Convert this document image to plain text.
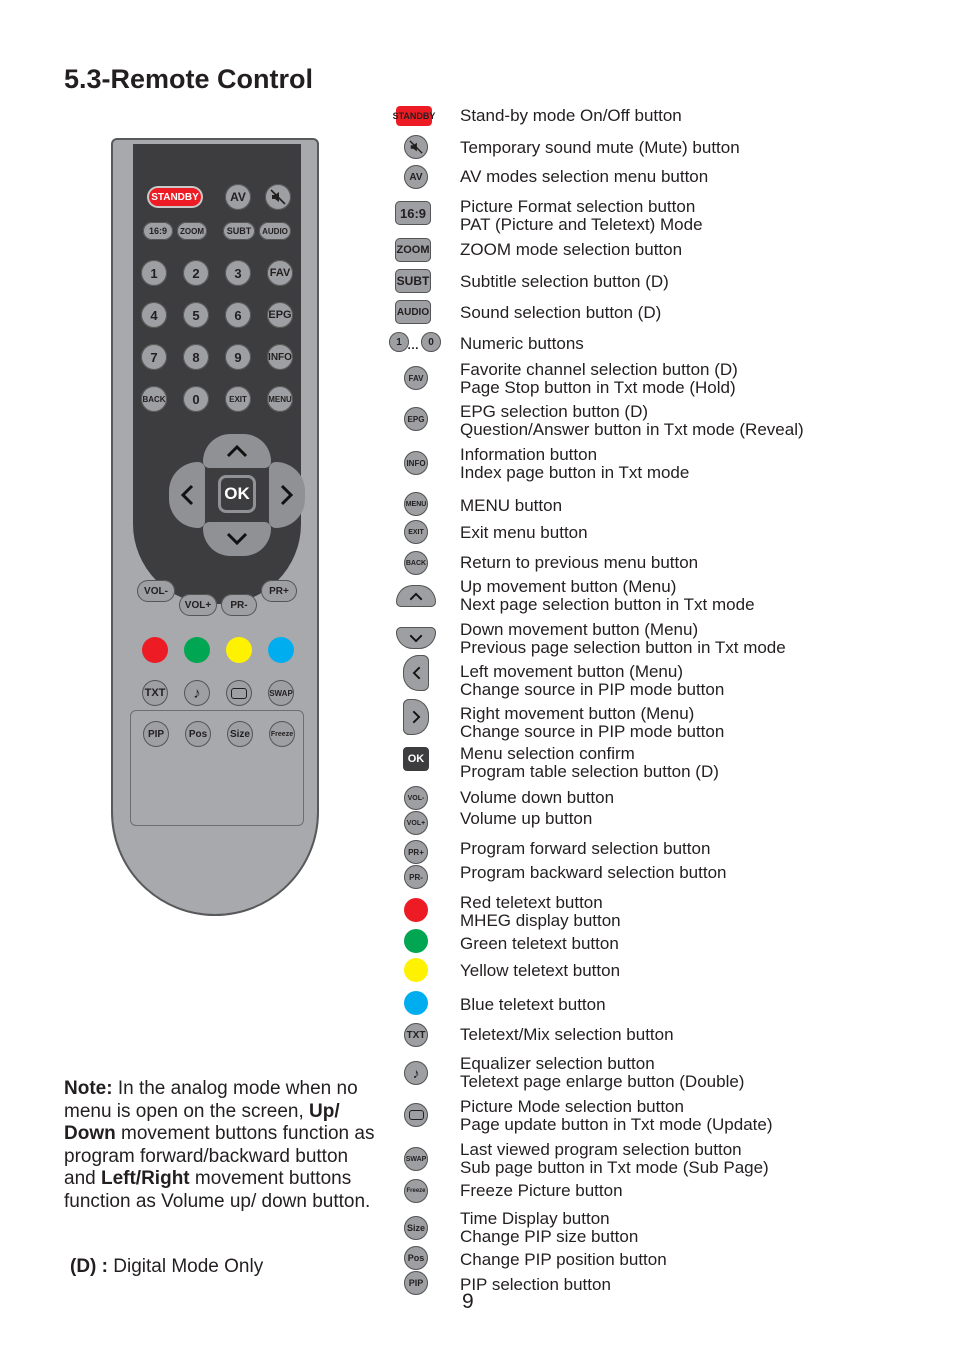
5.3-Remote Control
STANDBY	AV
16:9	ZOOM	SUBT	AUDIO
1	2	3	FAV
4	5	6	EPG
7	8	9	INFO
BACK	0	EXIT	MENU
OK
VOL-
VOL+	PR-
PR+
TXT ♪	SWAP
PIP	Pos	Size	Freeze
STANDBY Stand-by mode On/Off button
Temporary sound mute (Mute) button
AV	AV modes selection menu button
16:9 Picture Format selection button
PAT (Picture and Teletext) Mode
ZOOM ZOOM mode selection button
SUBT Subtitle selection button (D)
AUDIO Sound selection button (D)
1 … 0	Numeric buttons
FAV Favorite channel selection button (D)
Page Stop button in Txt mode (Hold)
EPG EPG selection button (D)
Question/Answer button in Txt mode (Reveal)
INFO Information button
Index page button in Txt mode
MENU MENU button
EXIT Exit menu button
BACK Return to previous menu button
Up movement button (Menu)
Next page selection button in Txt mode
Down movement button (Menu)
Previous page selection button in Txt mode
Left movement button (Menu)
Change source in PIP mode button
Right movement button (Menu)
Change source in PIP mode button
OK Menu selection confirm
Program table selection button (D)
VOL- Volume down button
VOL+ Volume up button
PR+ Program forward selection button
PR-	Program backward selection button
Red teletext button
MHEG display button
Green teletext button
Yellow teletext button
Blue teletext button
TXT Teletext/Mix selection button
♪ Equalizer selection button
Teletext page enlarge button (Double)
Picture Mode selection button
Page update button in Txt mode (Update)
SWAP Last viewed program selection button
Sub page button in Txt mode (Sub Page)
Freeze Freeze Picture button
Size Time Display button
Change PIP size button
Pos Change PIP position button
PIP PIP selection button
Note: In the analog mode when no menu is open on the screen, Up/ Down movement buttons function as program forward/backward button and Left/Right movement buttons function as Volume up/ down button.
(D) : Digital Mode Only
9
